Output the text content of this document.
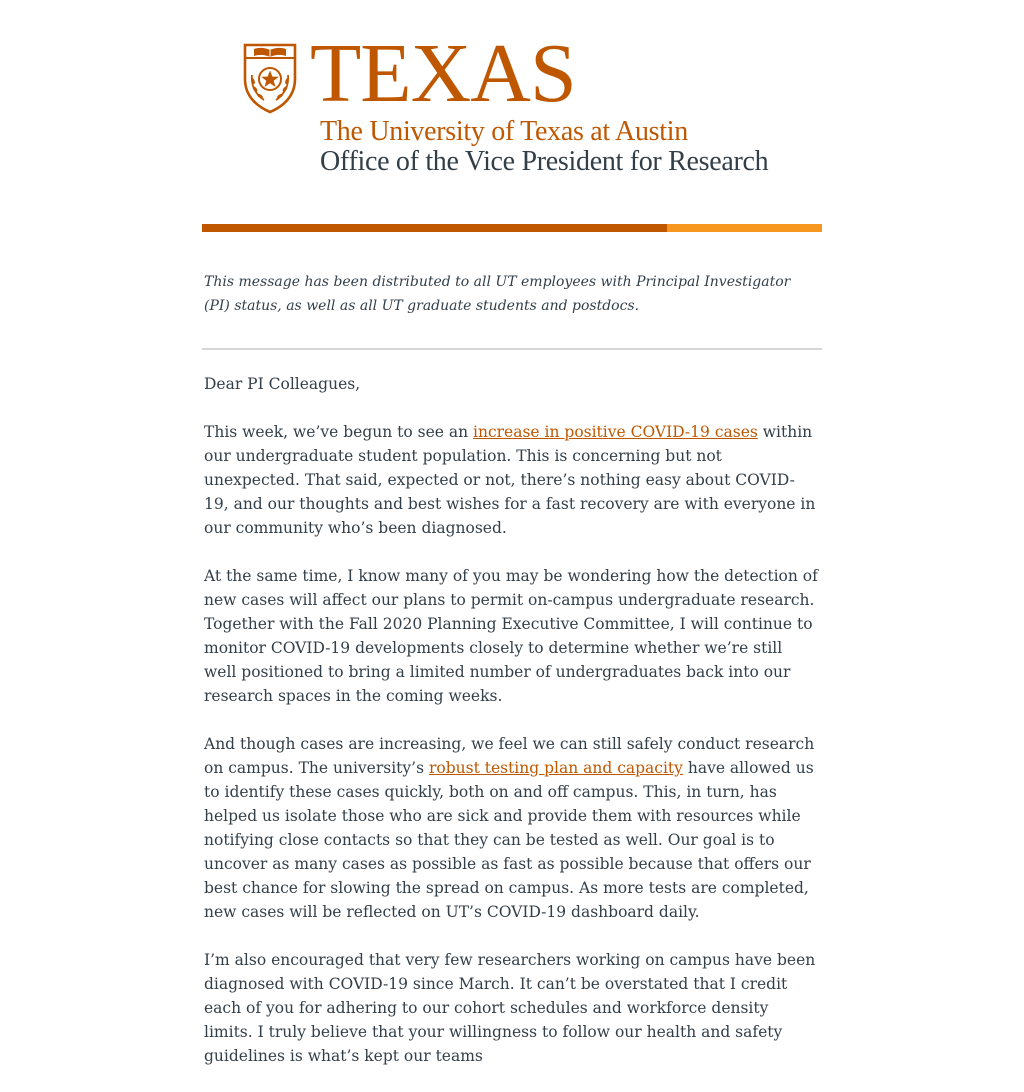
TEXAS
The University of Texas at Austin
Office of the Vice President for Research
This message has been distributed to all UT employees with Principal Investigator (PI) status, as well as all UT graduate students and postdocs.

Dear PI Colleagues,

This week, we’ve begun to see an increase in positive COVID-19 cases within our undergraduate student population. This is concerning but not unexpected. That said, expected or not, there’s nothing easy about COVID-19, and our thoughts and best wishes for a fast recovery are with everyone in our community who’s been diagnosed.

At the same time, I know many of you may be wondering how the detection of new cases will affect our plans to permit on-campus undergraduate research. Together with the Fall 2020 Planning Executive Committee, I will continue to monitor COVID-19 developments closely to determine whether we’re still well positioned to bring a limited number of undergraduates back into our research spaces in the coming weeks.

And though cases are increasing, we feel we can still safely conduct research on campus. The university’s robust testing plan and capacity have allowed us to identify these cases quickly, both on and off campus. This, in turn, has helped us isolate those who are sick and provide them with resources while notifying close contacts so that they can be tested as well. Our goal is to uncover as many cases as possible as fast as possible because that offers our best chance for slowing the spread on campus. As more tests are completed, new cases will be reflected on UT’s COVID-19 dashboard daily.

I’m also encouraged that very few researchers working on campus have been diagnosed with COVID-19 since March. It can’t be overstated that I credit each of you for adhering to our cohort schedules and workforce density limits. I truly believe that your willingness to follow our health and safety guidelines is what’s kept our teams
